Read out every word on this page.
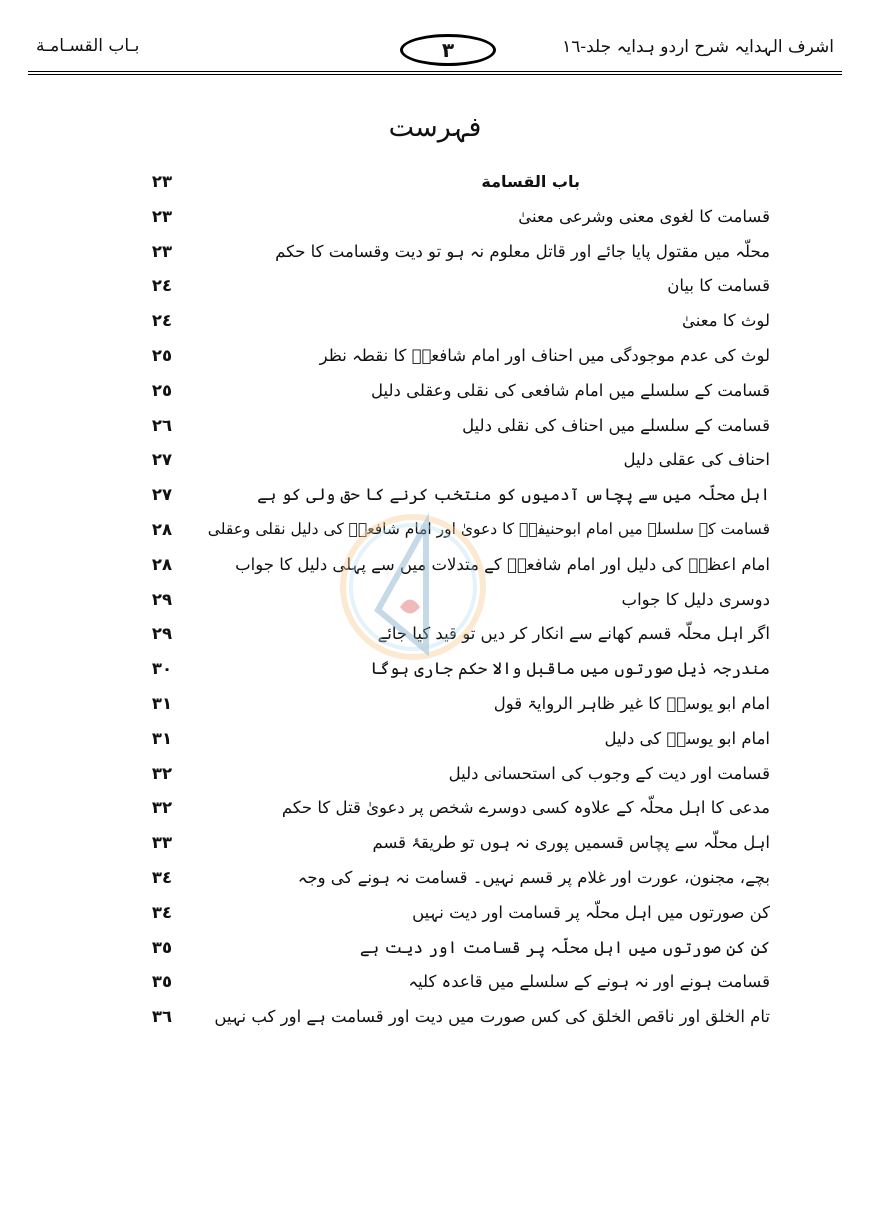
اشرف الہدایہ شرح اردو ہدایہ جلد-١٦
٣
بـاب القسـامـة
فہرست
باب القسامة
٢٣
قسامت کا لغوی معنی وشرعی معنیٰ
٢٣
محلّہ میں مقتول پایا جائے اور قاتل معلوم نہ ہو تو دیت وقسامت کا حکم
٢٣
قسامت کا بیان
٢٤
لوث کا معنیٰ
٢٤
لوث کی عدم موجودگی میں احناف اور امام شافعیؒ کا نقطہ نظر
٢٥
قسامت کے سلسلے میں امام شافعی کی نقلی وعقلی دلیل
٢٥
قسامت کے سلسلے میں احناف کی نقلی دلیل
٢٦
احناف کی عقلی دلیل
٢٧
اہل محلّہ میں سے پچاس آدمیوں کو منتخب کرنے کا حق ولی کو ہے
٢٧
قسامت کے سلسلے میں امام ابوحنیفہؒ کا دعویٰ اور امام شافعیؒ کی دلیل نقلی وعقلی
٢٨
امام اعظمؒ کی دلیل اور امام شافعیؒ کے متدلات میں سے پہلی دلیل کا جواب
٢٨
دوسری دلیل کا جواب
٢٩
اگر اہل محلّہ قسم کھانے سے انکار کر دیں تو قید کیا جائے
٢٩
مندرجہ ذیل صورتوں میں ماقبل والا حکم جاری ہوگا
٣٠
امام ابو یوسفؒ کا غیر ظاہر الروایۃ قول
٣١
امام ابو یوسفؒ کی دلیل
٣١
قسامت اور دیت کے وجوب کی استحسانی دلیل
٣٢
مدعی کا اہل محلّہ کے علاوہ کسی دوسرے شخص پر دعویٰ قتل کا حکم
٣٢
اہل محلّہ سے پچاس قسمیں پوری نہ ہوں تو طریقۂ قسم
٣٣
بچے، مجنون، عورت اور غلام پر قسم نہیں۔ قسامت نہ ہونے کی وجہ
٣٤
کن صورتوں میں اہل محلّہ پر قسامت اور دیت نہیں
٣٤
کن کن صورتوں میں اہل محلّہ پر قسامت اور دیت ہے
٣٥
قسامت ہونے اور نہ ہونے کے سلسلے میں قاعدہ کلیہ
٣٥
تام الخلق اور ناقص الخلق کی کس صورت میں دیت اور قسامت ہے اور کب نہیں
٣٦
